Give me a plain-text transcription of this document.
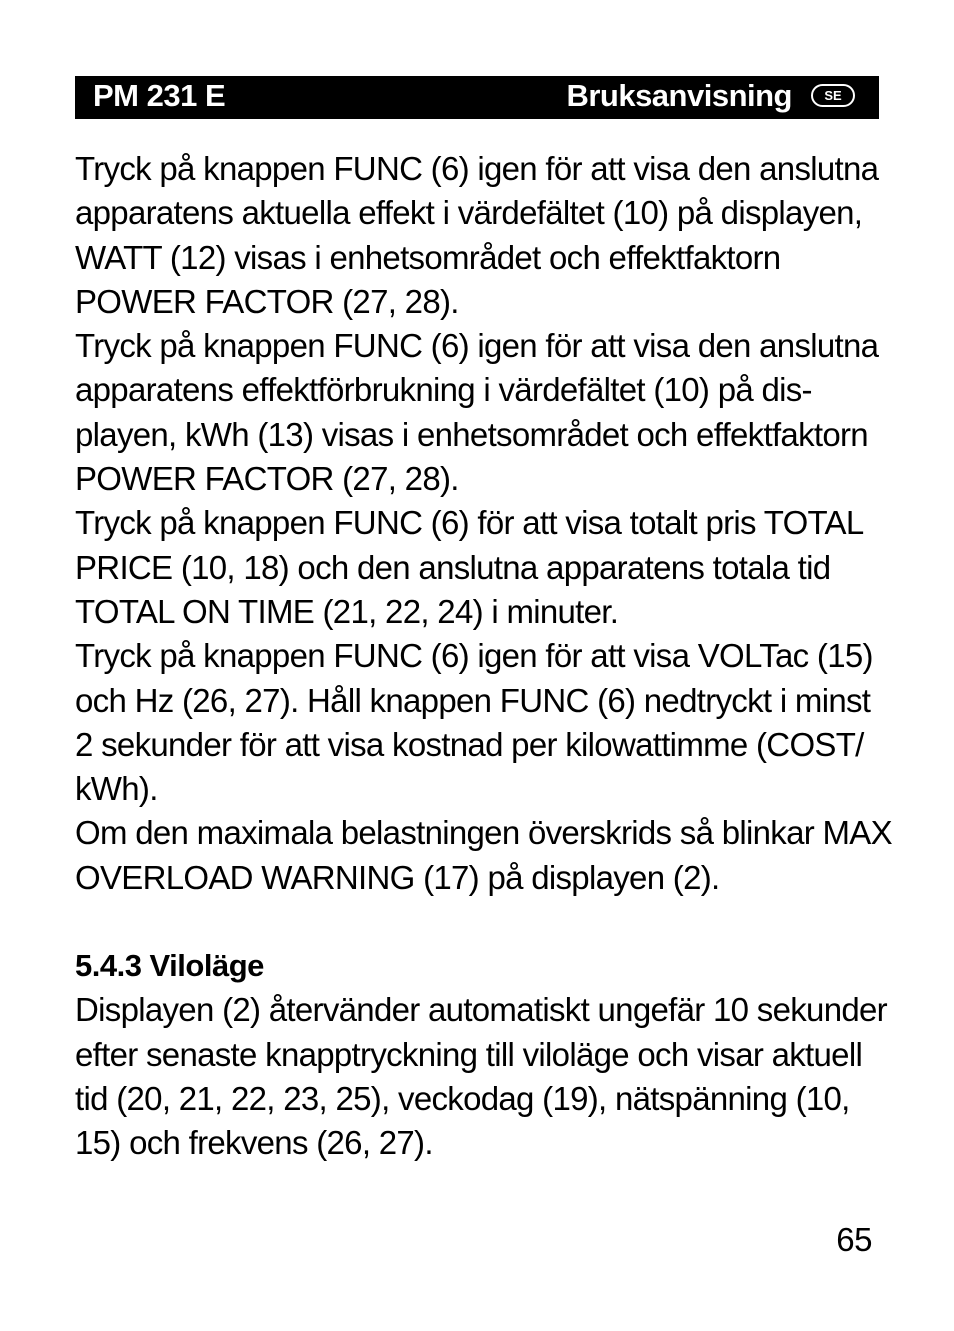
PM 231 E	Bruksanvisning	SE

Tryck på knappen FUNC (6) igen för att visa den anslutna
apparatens aktuella effekt i värdefältet (10) på displayen,
WATT (12) visas i enhetsområdet och effektfaktorn
POWER FACTOR (27, 28).

Tryck på knappen FUNC (6) igen för att visa den anslutna
apparatens effektförbrukning i värdefältet (10) på dis-
playen, kWh (13) visas i enhetsområdet och effektfaktorn
POWER FACTOR (27, 28).

Tryck på knappen FUNC (6) för att visa totalt pris TOTAL
PRICE (10, 18) och den anslutna apparatens totala tid
TOTAL ON TIME (21, 22, 24) i minuter.

Tryck på knappen FUNC (6) igen för att visa VOLTac (15)
och Hz (26, 27). Håll knappen FUNC (6) nedtryckt i minst
2 sekunder för att visa kostnad per kilowattimme (COST/
kWh).

Om den maximala belastningen överskrids så blinkar MAX
OVERLOAD WARNING (17) på displayen (2).

5.4.3 Viloläge

Displayen (2) återvänder automatiskt ungefär 10 sekunder
efter senaste knapptryckning till viloläge och visar aktuell
tid (20, 21, 22, 23, 25), veckodag (19), nätspänning (10,
15) och frekvens (26, 27).

65
